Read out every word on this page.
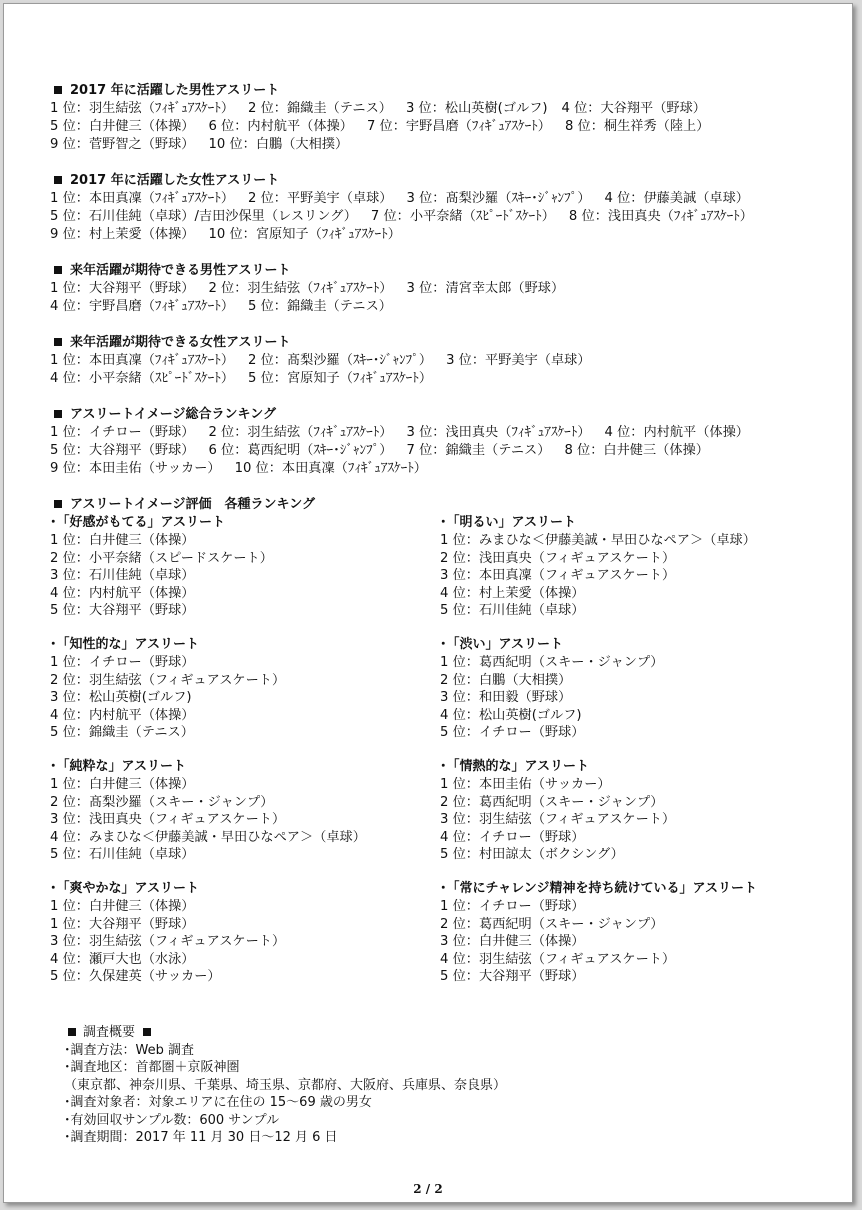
2017 年に活躍した男性アスリート
1 位：羽生結弦（ﾌｨｷﾞｭｱｽｹｰﾄ） 2 位：錦織圭（テニス） 3 位：松山英樹(ゴルフ) 4 位：大谷翔平（野球）
5 位：白井健三（体操） 6 位：内村航平（体操） 7 位：宇野昌磨（ﾌｨｷﾞｭｱｽｹｰﾄ） 8 位：桐生祥秀（陸上）
9 位：菅野智之（野球） 10 位：白鵬（大相撲）
2017 年に活躍した女性アスリート
1 位：本田真凜（ﾌｨｷﾞｭｱｽｹｰﾄ） 2 位：平野美宇（卓球） 3 位：髙梨沙羅（ｽｷｰ･ｼﾞｬﾝﾌﾟ） 4 位：伊藤美誠（卓球）
5 位：石川佳純（卓球）/吉田沙保里（レスリング） 7 位：小平奈緒（ｽﾋﾟｰﾄﾞｽｹｰﾄ） 8 位：浅田真央（ﾌｨｷﾞｭｱｽｹｰﾄ）
9 位：村上茉愛（体操） 10 位：宮原知子（ﾌｨｷﾞｭｱｽｹｰﾄ）
来年活躍が期待できる男性アスリート
1 位：大谷翔平（野球） 2 位：羽生結弦（ﾌｨｷﾞｭｱｽｹｰﾄ） 3 位：清宮幸太郎（野球）
4 位：宇野昌磨（ﾌｨｷﾞｭｱｽｹｰﾄ） 5 位：錦織圭（テニス）
来年活躍が期待できる女性アスリート
1 位：本田真凜（ﾌｨｷﾞｭｱｽｹｰﾄ） 2 位：髙梨沙羅（ｽｷｰ･ｼﾞｬﾝﾌﾟ） 3 位：平野美宇（卓球）
4 位：小平奈緒（ｽﾋﾟｰﾄﾞｽｹｰﾄ） 5 位：宮原知子（ﾌｨｷﾞｭｱｽｹｰﾄ）
アスリートイメージ総合ランキング
1 位：イチロー（野球） 2 位：羽生結弦（ﾌｨｷﾞｭｱｽｹｰﾄ） 3 位：浅田真央（ﾌｨｷﾞｭｱｽｹｰﾄ） 4 位：内村航平（体操）
5 位：大谷翔平（野球） 6 位：葛西紀明（ｽｷｰ･ｼﾞｬﾝﾌﾟ） 7 位：錦織圭（テニス） 8 位：白井健三（体操）
9 位：本田圭佑（サッカー） 10 位：本田真凜（ﾌｨｷﾞｭｱｽｹｰﾄ）
アスリートイメージ評価　各種ランキング
･「好感がもてる」アスリート
1 位：白井健三（体操）
2 位：小平奈緒（スピードスケート）
3 位：石川佳純（卓球）
4 位：内村航平（体操）
5 位：大谷翔平（野球）
･「知性的な」アスリート
1 位：イチロー（野球）
2 位：羽生結弦（フィギュアスケート）
3 位：松山英樹(ゴルフ)
4 位：内村航平（体操）
5 位：錦織圭（テニス）
･「純粋な」アスリート
1 位：白井健三（体操）
2 位：髙梨沙羅（スキー・ジャンプ）
3 位：浅田真央（フィギュアスケート）
4 位：みまひな＜伊藤美誠・早田ひなペア＞（卓球）
5 位：石川佳純（卓球）
･「爽やかな」アスリート
1 位：白井健三（体操）
1 位：大谷翔平（野球）
3 位：羽生結弦（フィギュアスケート）
4 位：瀬戸大也（水泳）
5 位：久保建英（サッカー）
･「明るい」アスリート
1 位：みまひな＜伊藤美誠・早田ひなペア＞（卓球）
2 位：浅田真央（フィギュアスケート）
3 位：本田真凜（フィギュアスケート）
4 位：村上茉愛（体操）
5 位：石川佳純（卓球）
･「渋い」アスリート
1 位：葛西紀明（スキー・ジャンプ）
2 位：白鵬（大相撲）
3 位：和田毅（野球）
4 位：松山英樹(ゴルフ)
5 位：イチロー（野球）
･「情熱的な」アスリート
1 位：本田圭佑（サッカー）
2 位：葛西紀明（スキー・ジャンプ）
3 位：羽生結弦（フィギュアスケート）
4 位：イチロー（野球）
5 位：村田諒太（ボクシング）
･「常にチャレンジ精神を持ち続けている」アスリート
1 位：イチロー（野球）
2 位：葛西紀明（スキー・ジャンプ）
3 位：白井健三（体操）
4 位：羽生結弦（フィギュアスケート）
5 位：大谷翔平（野球）
調査概要
･調査方法：Web 調査
･調査地区：首都圏＋京阪神圏
（東京都、神奈川県、千葉県、埼玉県、京都府、大阪府、兵庫県、奈良県）
･調査対象者：対象エリアに在住の 15～69 歳の男女
･有効回収サンプル数：600 サンプル
･調査期間：2017 年 11 月 30 日～12 月 6 日
2 / 2
